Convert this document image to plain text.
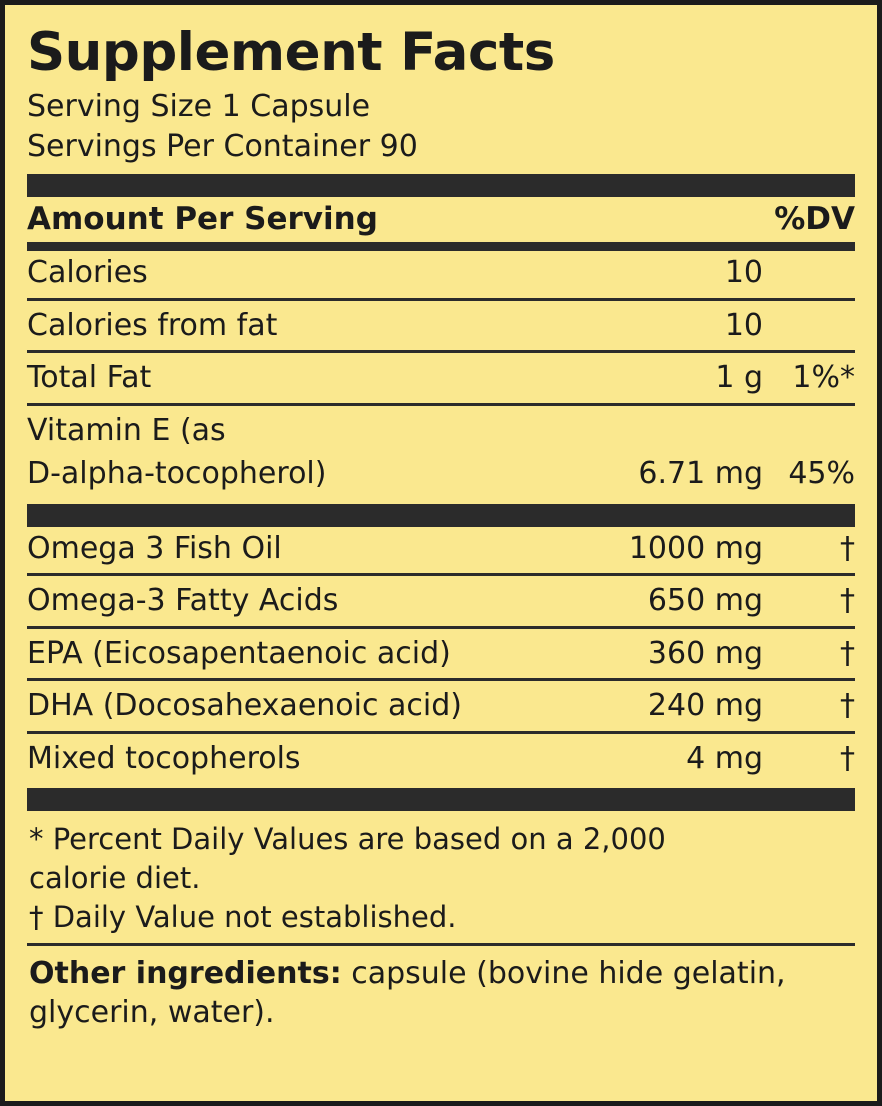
Supplement Facts
Serving Size 1 Capsule
Servings Per Container 90
Amount Per Serving		%DV
Calories	10	

Calories from fat	10	

Total Fat	1 g	1%*

Vitamin E (as		
D-alpha-tocopherol)	6.71 mg	45%
Omega 3 Fish Oil	1000 mg	†

Omega-3 Fatty Acids	650 mg	†

EPA (Eicosapentaenoic acid)	360 mg	†

DHA (Docosahexaenoic acid)	240 mg	†

Mixed tocopherols	4 mg	†
* Percent Daily Values are based on a 2,000
calorie diet.
† Daily Value not established.
Other ingredients: capsule (bovine hide gelatin, glycerin, water).
